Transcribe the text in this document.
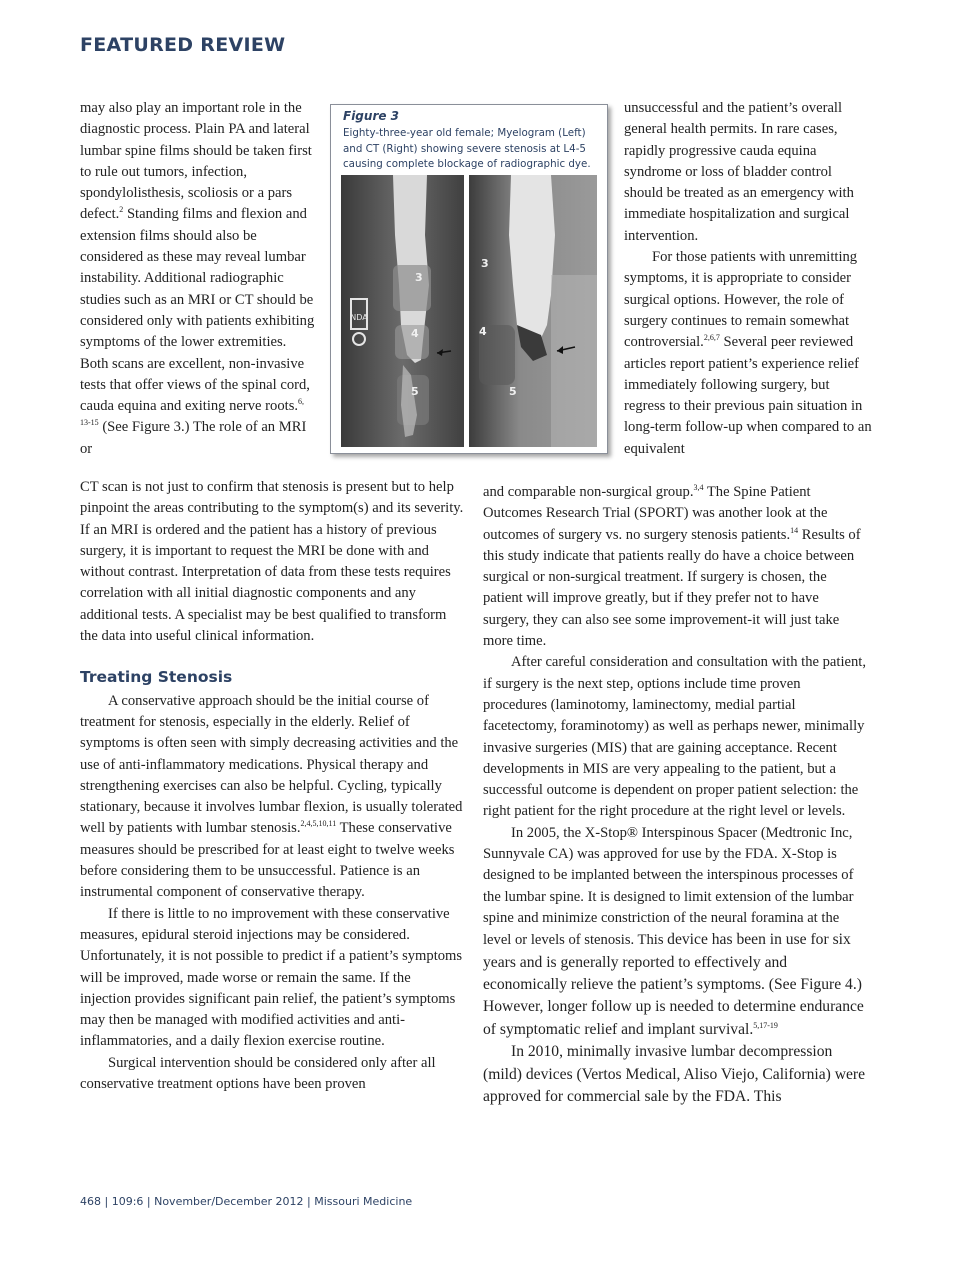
FEATURED REVIEW

may also play an important role in the diagnostic process. Plain PA and lateral lumbar spine films should be taken first to rule out tumors, infection, spondylolisthesis, scoliosis or a pars defect.$^2$ Standing films and flexion and extension films should also be considered as these may reveal lumbar instability. Additional radiographic studies such as an MRI or CT should be considered only with patients exhibiting symptoms of the lower extremities. Both scans are excellent, non-invasive tests that offer views of the spinal cord, cauda equina and exiting nerve roots.$^{6, 13-15}$ (See Figure 3.) The role of an MRI or

Figure 3
Eighty-three-year old female; Myelogram (Left) and CT (Right) showing severe stenosis at L4-5 causing complete blockage of radiographic dye.
NDA
3
4
5
3
4
5

CT scan is not just to confirm that stenosis is present but to help pinpoint the areas contributing to the symptom(s) and its severity. If an MRI is ordered and the patient has a history of previous surgery, it is important to request the MRI be done with and without contrast. Interpretation of data from these tests requires correlation with all initial diagnostic components and any additional tests. A specialist may be best qualified to transform the data into useful clinical information.

Treating Stenosis

A conservative approach should be the initial course of treatment for stenosis, especially in the elderly. Relief of symptoms is often seen with simply decreasing activities and the use of anti-inflammatory medications. Physical therapy and strengthening exercises can also be helpful. Cycling, typically stationary, because it involves lumbar flexion, is usually tolerated well by patients with lumbar stenosis.$^{2,4,5,10,11}$ These conservative measures should be prescribed for at least eight to twelve weeks before considering them to be unsuccessful. Patience is an instrumental component of conservative therapy.

If there is little to no improvement with these conservative measures, epidural steroid injections may be considered. Unfortunately, it is not possible to predict if a patient’s symptoms will be improved, made worse or remain the same. If the injection provides significant pain relief, the patient’s symptoms may then be managed with modified activities and anti-inflammatories, and a daily flexion exercise routine.

Surgical intervention should be considered only after all conservative treatment options have been proven

unsuccessful and the patient’s overall general health permits. In rare cases, rapidly progressive cauda equina syndrome or loss of bladder control should be treated as an emergency with immediate hospitalization and surgical intervention.

For those patients with unremitting symptoms, it is appropriate to consider surgical options. However, the role of surgery continues to remain somewhat controversial.$^{2,6,7}$ Several peer reviewed articles report patient’s experience relief immediately following surgery, but regress to their previous pain situation in long-term follow-up when compared to an equivalent

and comparable non-surgical group.$^{3,4}$ The Spine Patient Outcomes Research Trial (SPORT) was another look at the outcomes of surgery vs. no surgery stenosis patients.$^{14}$ Results of this study indicate that patients really do have a choice between surgical or non-surgical treatment. If surgery is chosen, the patient will improve greatly, but if they prefer not to have surgery, they can also see some improvement-it will just take more time.

After careful consideration and consultation with the patient, if surgery is the next step, options include time proven procedures (laminotomy, laminectomy, medial partial facetectomy, foraminotomy) as well as perhaps newer, minimally invasive surgeries (MIS) that are gaining acceptance. Recent developments in MIS are very appealing to the patient, but a successful outcome is dependent on proper patient selection: the right patient for the right procedure at the right level or levels.

In 2005, the X-Stop® Interspinous Spacer (Medtronic Inc, Sunnyvale CA) was approved for use by the FDA. X-Stop is designed to be implanted between the interspinous processes of the lumbar spine. It is designed to limit extension of the lumbar spine and minimize constriction of the neural foramina at the level or levels of stenosis. This device has been in use for six years and is generally reported to effectively and economically relieve the patient’s symptoms. (See Figure 4.) However, longer follow up is needed to determine endurance of symptomatic relief and implant survival.$^{5,17-19}$

In 2010, minimally invasive lumbar decompression (mild) devices (Vertos Medical, Aliso Viejo, California) were approved for commercial sale by the FDA. This

468 | 109:6 | November/December 2012 | Missouri Medicine
